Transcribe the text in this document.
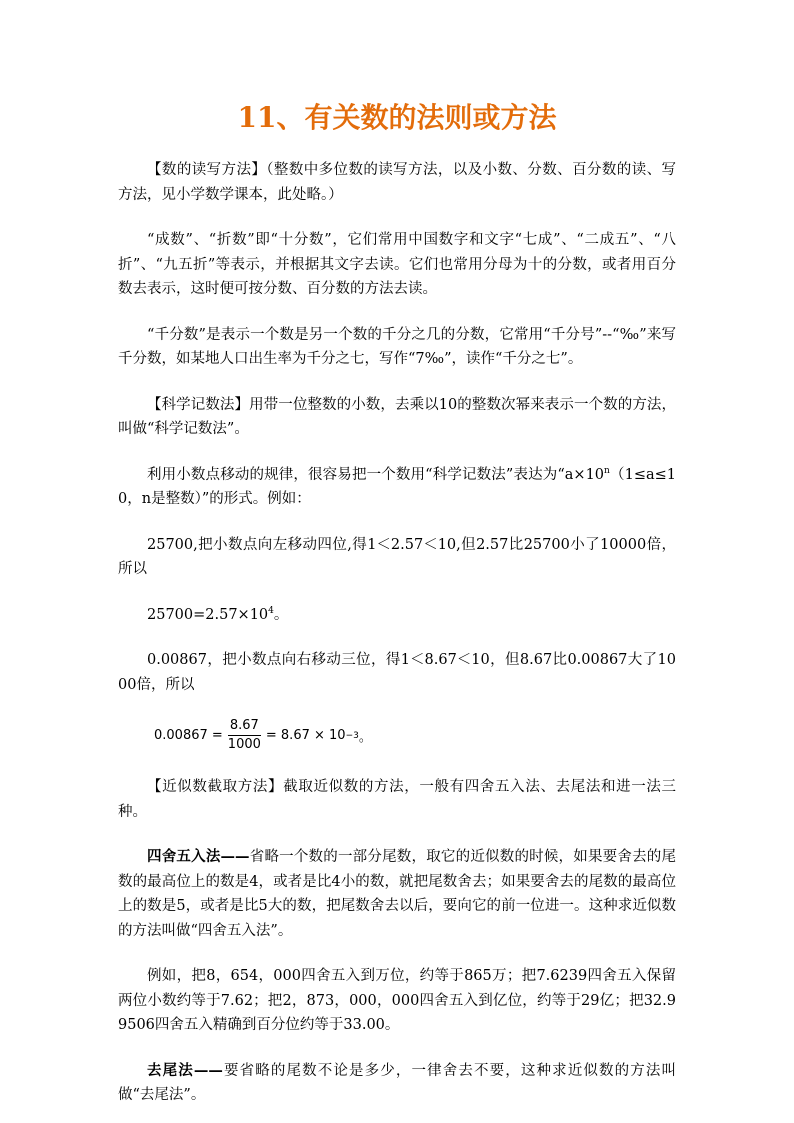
11、有关数的法则或方法

【数的读写方法】（整数中多位数的读写方法，以及小数、分数、百分数的读、写方法，见小学数学课本，此处略。）

“成数”、“折数”即“十分数”，它们常用中国数字和文字“七成”、“二成五”、“八折”、“九五折”等表示，并根据其文字去读。它们也常用分母为十的分数，或者用百分数去表示，这时便可按分数、百分数的方法去读。

“千分数”是表示一个数是另一个数的千分之几的分数，它常用“千分号”--“‰”来写千分数，如某地人口出生率为千分之七，写作“7‰”，读作“千分之七”。

【科学记数法】用带一位整数的小数，去乘以10的整数次幂来表示一个数的方法，叫做“科学记数法”。

利用小数点移动的规律，很容易把一个数用“科学记数法”表达为“$a\times 10^n(1\le a\le 10$，n是整数）”的形式。例如：

25700,把小数点向左移动四位,得1＜2.57＜10,但2.57比25700小了10000倍，所以

$25700=2.57\times 10^4$。

0.00867，把小数点向右移动三位，得1＜8.67＜10，但8.67比0.00867大了1000倍，所以

$0.00867 = \frac{8.67}{1000} = 8.67 \times 10 -3$ 。

【近似数截取方法】截取近似数的方法，一般有四舍五入法、去尾法和进一法三种。

四舍五入法——省略一个数的一部分尾数，取它的近似数的时候，如果要舍去的尾数的最高位上的数是4，或者是比4小的数，就把尾数舍去；如果要舍去的尾数的最高位上的数是5，或者是比5大的数，把尾数舍去以后，要向它的前一位进一。这种求近似数的方法叫做“四舍五入法”。

例如，把8，654，000四舍五入到万位，约等于865万；把7.6239四舍五入保留两位小数约等于7.62；把2，873，000，000四舍五入到亿位，约等于29亿；把32.99506四舍五入精确到百分位约等于33.00。

去尾法——要省略的尾数不论是多少，一律舍去不要，这种求近似数的方法叫做“去尾法”。
